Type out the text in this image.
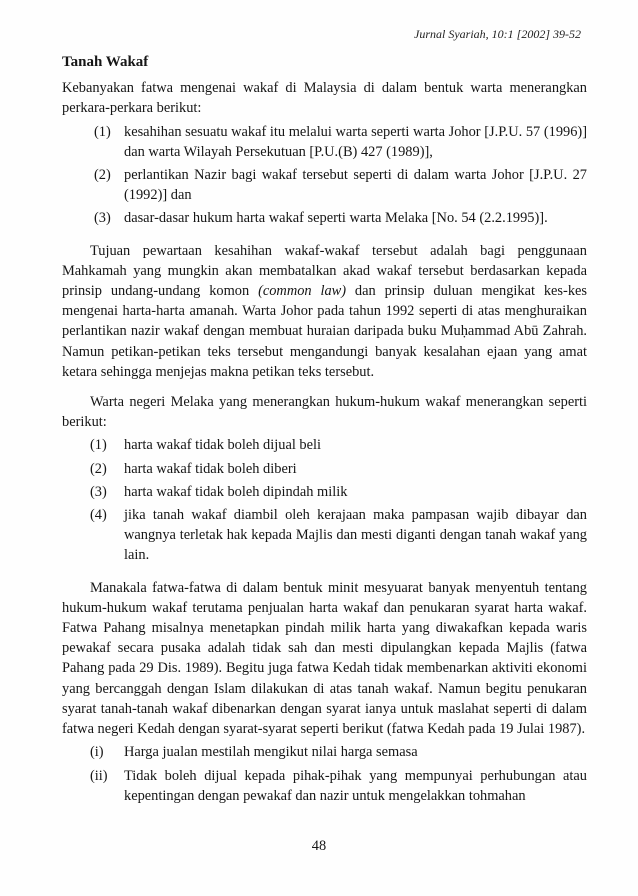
Jurnal Syariah, 10:1 [2002] 39-52
Tanah Wakaf

Kebanyakan fatwa mengenai wakaf di Malaysia di dalam bentuk warta menerangkan perkara-perkara berikut:

(1) kesahihan sesuatu wakaf itu melalui warta seperti warta Johor [J.P.U. 57 (1996)] dan warta Wilayah Persekutuan [P.U.(B) 427 (1989)],
(2) perlantikan Nazir bagi wakaf tersebut seperti di dalam warta Johor [J.P.U. 27 (1992)] dan
(3) dasar-dasar hukum harta wakaf seperti warta Melaka [No. 54 (2.2.1995)].

Tujuan pewartaan kesahihan wakaf-wakaf tersebut adalah bagi penggunaan Mahkamah yang mungkin akan membatalkan akad wakaf tersebut berdasarkan kepada prinsip undang-undang komon (common law) dan prinsip duluan mengikat kes-kes mengenai harta-harta amanah. Warta Johor pada tahun 1992 seperti di atas menghuraikan perlantikan nazir wakaf dengan membuat huraian daripada buku Muḥammad Abū Zahrah. Namun petikan-petikan teks tersebut mengandungi banyak kesalahan ejaan yang amat ketara sehingga menjejas makna petikan teks tersebut.

Warta negeri Melaka yang menerangkan hukum-hukum wakaf menerangkan seperti berikut:

(1) harta wakaf tidak boleh dijual beli
(2) harta wakaf tidak boleh diberi
(3) harta wakaf tidak boleh dipindah milik
(4) jika tanah wakaf diambil oleh kerajaan maka pampasan wajib dibayar dan wangnya terletak hak kepada Majlis dan mesti diganti dengan tanah wakaf yang lain.

Manakala fatwa-fatwa di dalam bentuk minit mesyuarat banyak menyentuh tentang hukum-hukum wakaf terutama penjualan harta wakaf dan penukaran syarat harta wakaf. Fatwa Pahang misalnya menetapkan pindah milik harta yang diwakafkan kepada waris pewakaf secara pusaka adalah tidak sah dan mesti dipulangkan kepada Majlis (fatwa Pahang pada 29 Dis. 1989). Begitu juga fatwa Kedah tidak membenarkan aktiviti ekonomi yang bercanggah dengan Islam dilakukan di atas tanah wakaf. Namun begitu penukaran syarat tanah-tanah wakaf dibenarkan dengan syarat ianya untuk maslahat seperti di dalam fatwa negeri Kedah dengan syarat-syarat seperti berikut (fatwa Kedah pada 19 Julai 1987).

(i) Harga jualan mestilah mengikut nilai harga semasa
(ii) Tidak boleh dijual kepada pihak-pihak yang mempunyai perhubungan atau kepentingan dengan pewakaf dan nazir untuk mengelakkan tohmahan
48
